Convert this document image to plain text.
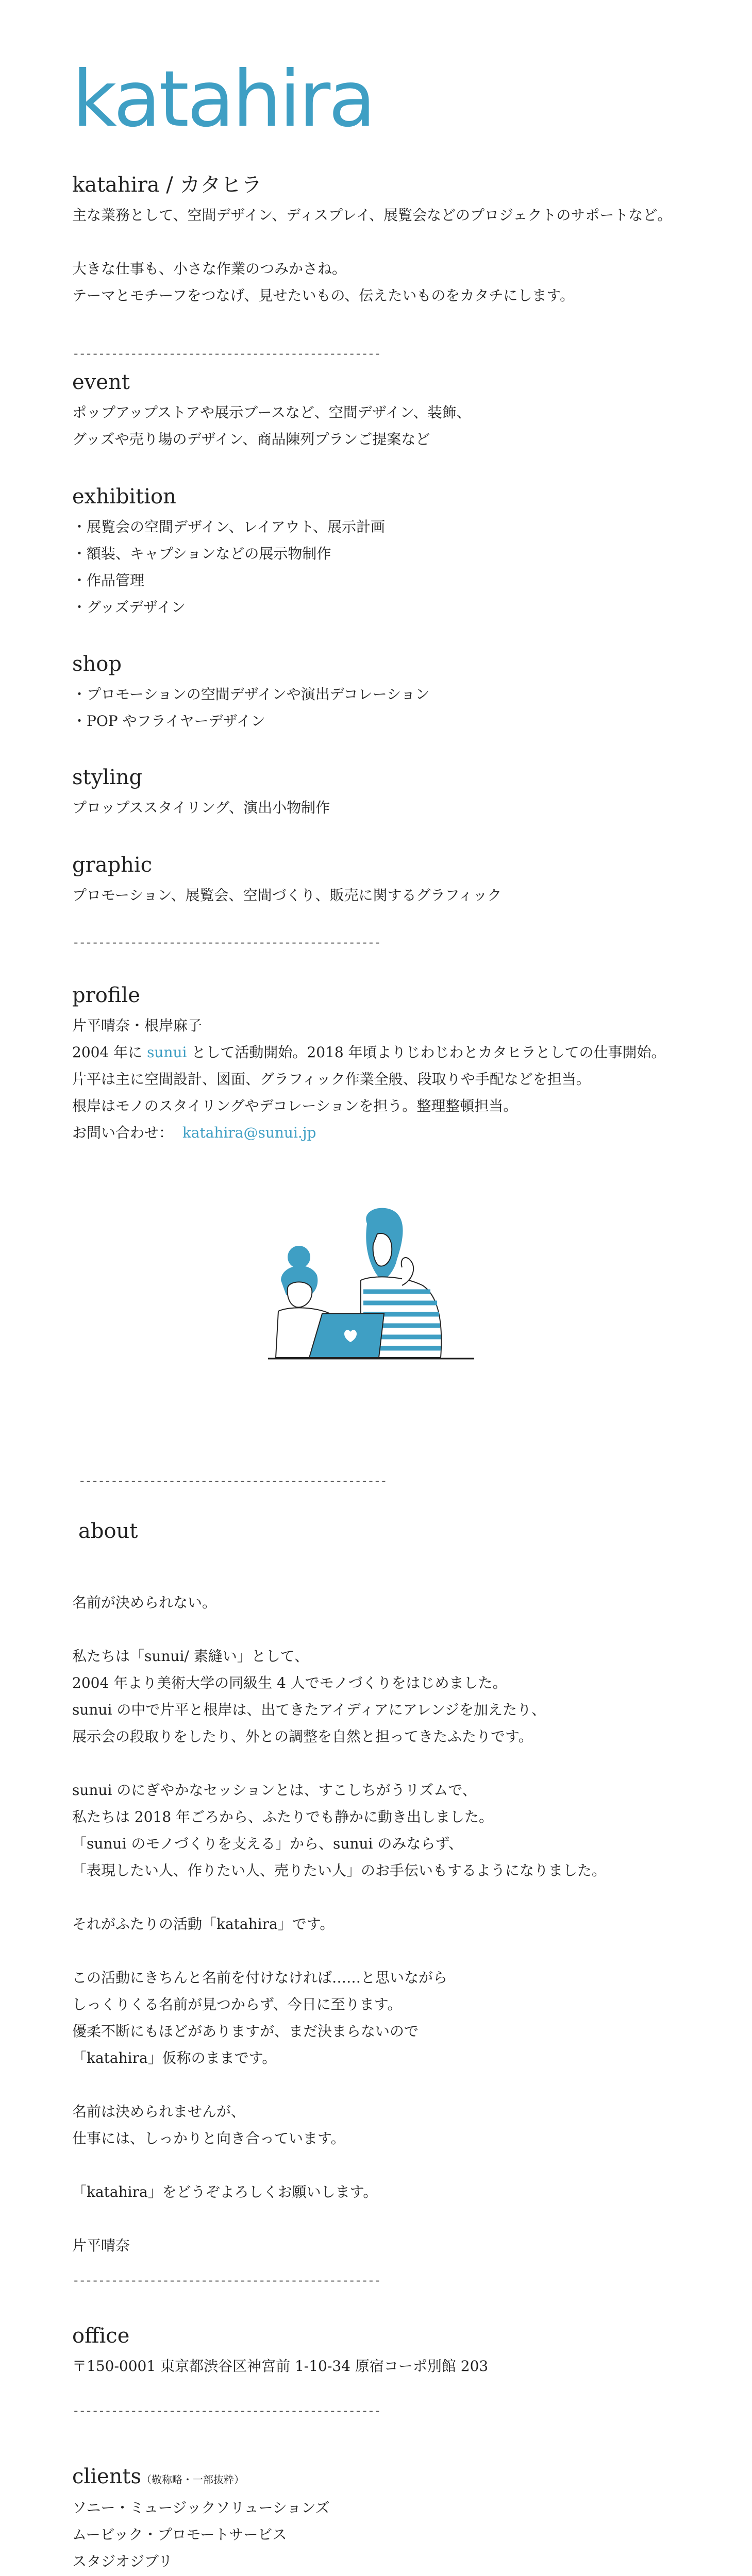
katahira
katahira / カタヒラ
主な業務として、空間デザイン、ディスプレイ、展覧会などのプロジェクトのサポートなど。
大きな仕事も、小さな作業のつみかさね。
テーマとモチーフをつなげ、見せたいもの、伝えたいものをカタチにします。
------------------------------------------------
event
ポップアップストアや展示ブースなど、空間デザイン、装飾、
グッズや売り場のデザイン、商品陳列プランご提案など
exhibition
・展覧会の空間デザイン、レイアウト、展示計画
・額装、キャプションなどの展示物制作
・作品管理
・グッズデザイン
shop
・プロモーションの空間デザインや演出デコレーション
・POP やフライヤーデザイン
styling
プロップススタイリング、演出小物制作
graphic
プロモーション、展覧会、空間づくり、販売に関するグラフィック
------------------------------------------------
profile
片平晴奈・根岸麻子
2004 年に sunui として活動開始。2018 年頃よりじわじわとカタヒラとしての仕事開始。
片平は主に空間設計、図面、グラフィック作業全般、段取りや手配などを担当。
根岸はモノのスタイリングやデコレーションを担う。整理整頓担当。
お問い合わせ： katahira@sunui.jp
------------------------------------------------
about
名前が決められない。
私たちは「sunui/ 素縫い」として、
2004 年より美術大学の同級生 4 人でモノづくりをはじめました。
sunui の中で片平と根岸は、出てきたアイディアにアレンジを加えたり、
展示会の段取りをしたり、外との調整を自然と担ってきたふたりです。
sunui のにぎやかなセッションとは、すこしちがうリズムで、
私たちは 2018 年ごろから、ふたりでも静かに動き出しました。
「sunui のモノづくりを支える」から、sunui のみならず、
「表現したい人、作りたい人、売りたい人」のお手伝いもするようになりました。
それがふたりの活動「katahira」です。
この活動にきちんと名前を付けなければ……と思いながら
しっくりくる名前が見つからず、今日に至ります。
優柔不断にもほどがありますが、まだ決まらないので
「katahira」仮称のままです。
名前は決められませんが、
仕事には、しっかりと向き合っています。
「katahira」をどうぞよろしくお願いします。
片平晴奈
------------------------------------------------
office
〒150-0001 東京都渋谷区神宮前 1-10-34 原宿コーポ別館 203
------------------------------------------------
clients（敬称略・一部抜粋）
ソニー・ミュージックソリューションズ
ムービック・プロモートサービス
スタジオジブリ
